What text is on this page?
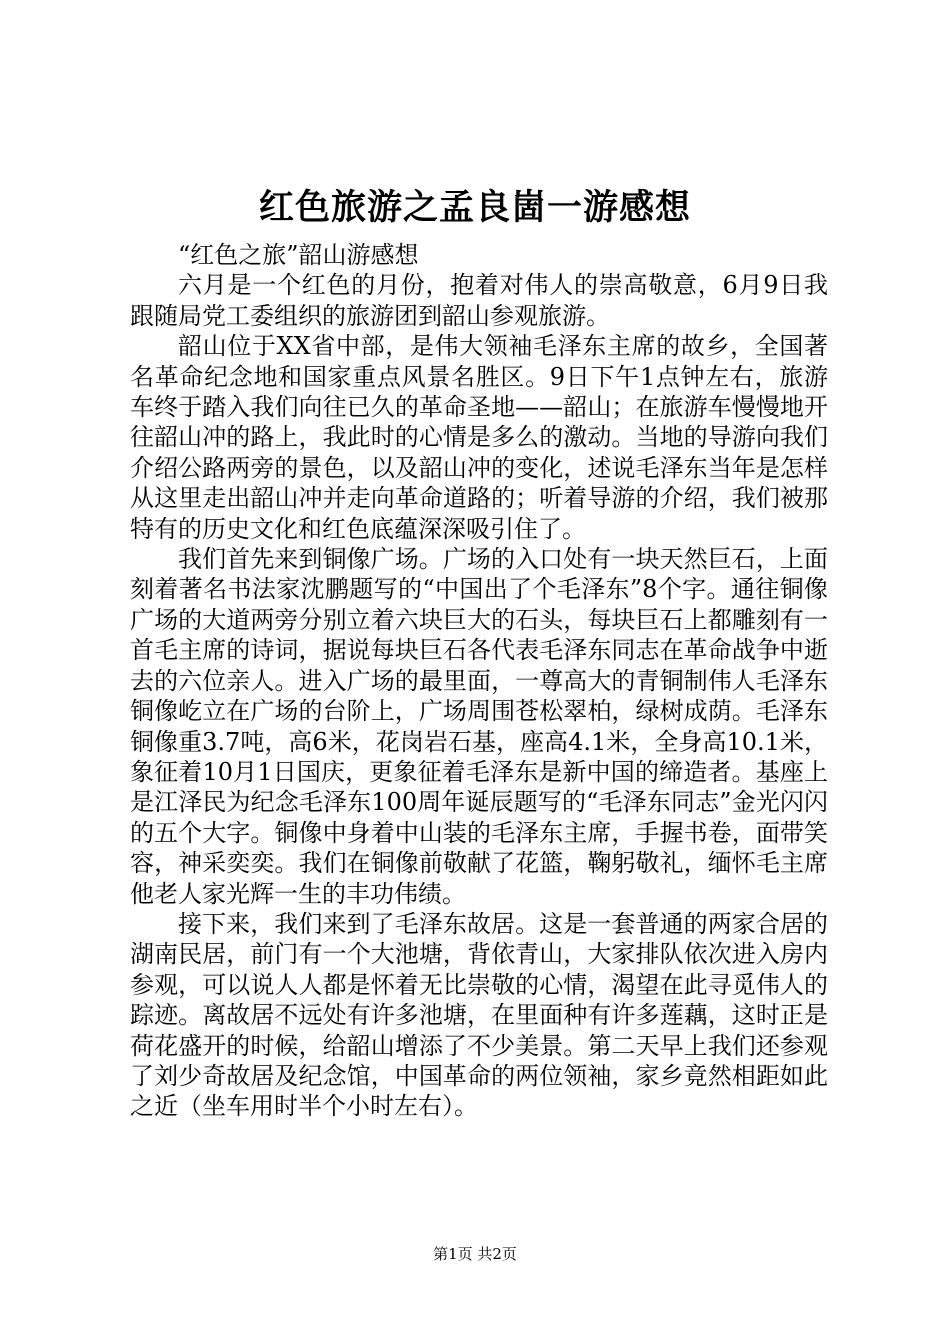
红色旅游之孟良崮一游感想

“红色之旅”韶山游感想

六月是一个红色的月份，抱着对伟人的崇高敬意，6月9日我跟随局党工委组织的旅游团到韶山参观旅游。

韶山位于XX省中部，是伟大领袖毛泽东主席的故乡，全国著名革命纪念地和国家重点风景名胜区。9日下午1点钟左右，旅游车终于踏入我们向往已久的革命圣地——韶山；在旅游车慢慢地开往韶山冲的路上，我此时的心情是多么的激动。当地的导游向我们介绍公路两旁的景色，以及韶山冲的变化，述说毛泽东当年是怎样从这里走出韶山冲并走向革命道路的；听着导游的介绍，我们被那特有的历史文化和红色底蕴深深吸引住了。

我们首先来到铜像广场。广场的入口处有一块天然巨石，上面刻着著名书法家沈鹏题写的“中国出了个毛泽东”8个字。通往铜像广场的大道两旁分别立着六块巨大的石头，每块巨石上都雕刻有一首毛主席的诗词，据说每块巨石各代表毛泽东同志在革命战争中逝去的六位亲人。进入广场的最里面，一尊高大的青铜制伟人毛泽东铜像屹立在广场的台阶上，广场周围苍松翠柏，绿树成荫。毛泽东铜像重3.7吨，高6米，花岗岩石基，座高4.1米，全身高10.1米，象征着10月1日国庆，更象征着毛泽东是新中国的缔造者。基座上是江泽民为纪念毛泽东100周年诞辰题写的“毛泽东同志”金光闪闪的五个大字。铜像中身着中山装的毛泽东主席，手握书卷，面带笑容，神采奕奕。我们在铜像前敬献了花篮，鞠躬敬礼，缅怀毛主席他老人家光辉一生的丰功伟绩。

接下来，我们来到了毛泽东故居。这是一套普通的两家合居的湖南民居，前门有一个大池塘，背依青山，大家排队依次进入房内参观，可以说人人都是怀着无比崇敬的心情，渴望在此寻觅伟人的踪迹。离故居不远处有许多池塘，在里面种有许多莲藕，这时正是荷花盛开的时候，给韶山增添了不少美景。第二天早上我们还参观了刘少奇故居及纪念馆，中国革命的两位领袖，家乡竟然相距如此之近（坐车用时半个小时左右）。

第1页 共2页
